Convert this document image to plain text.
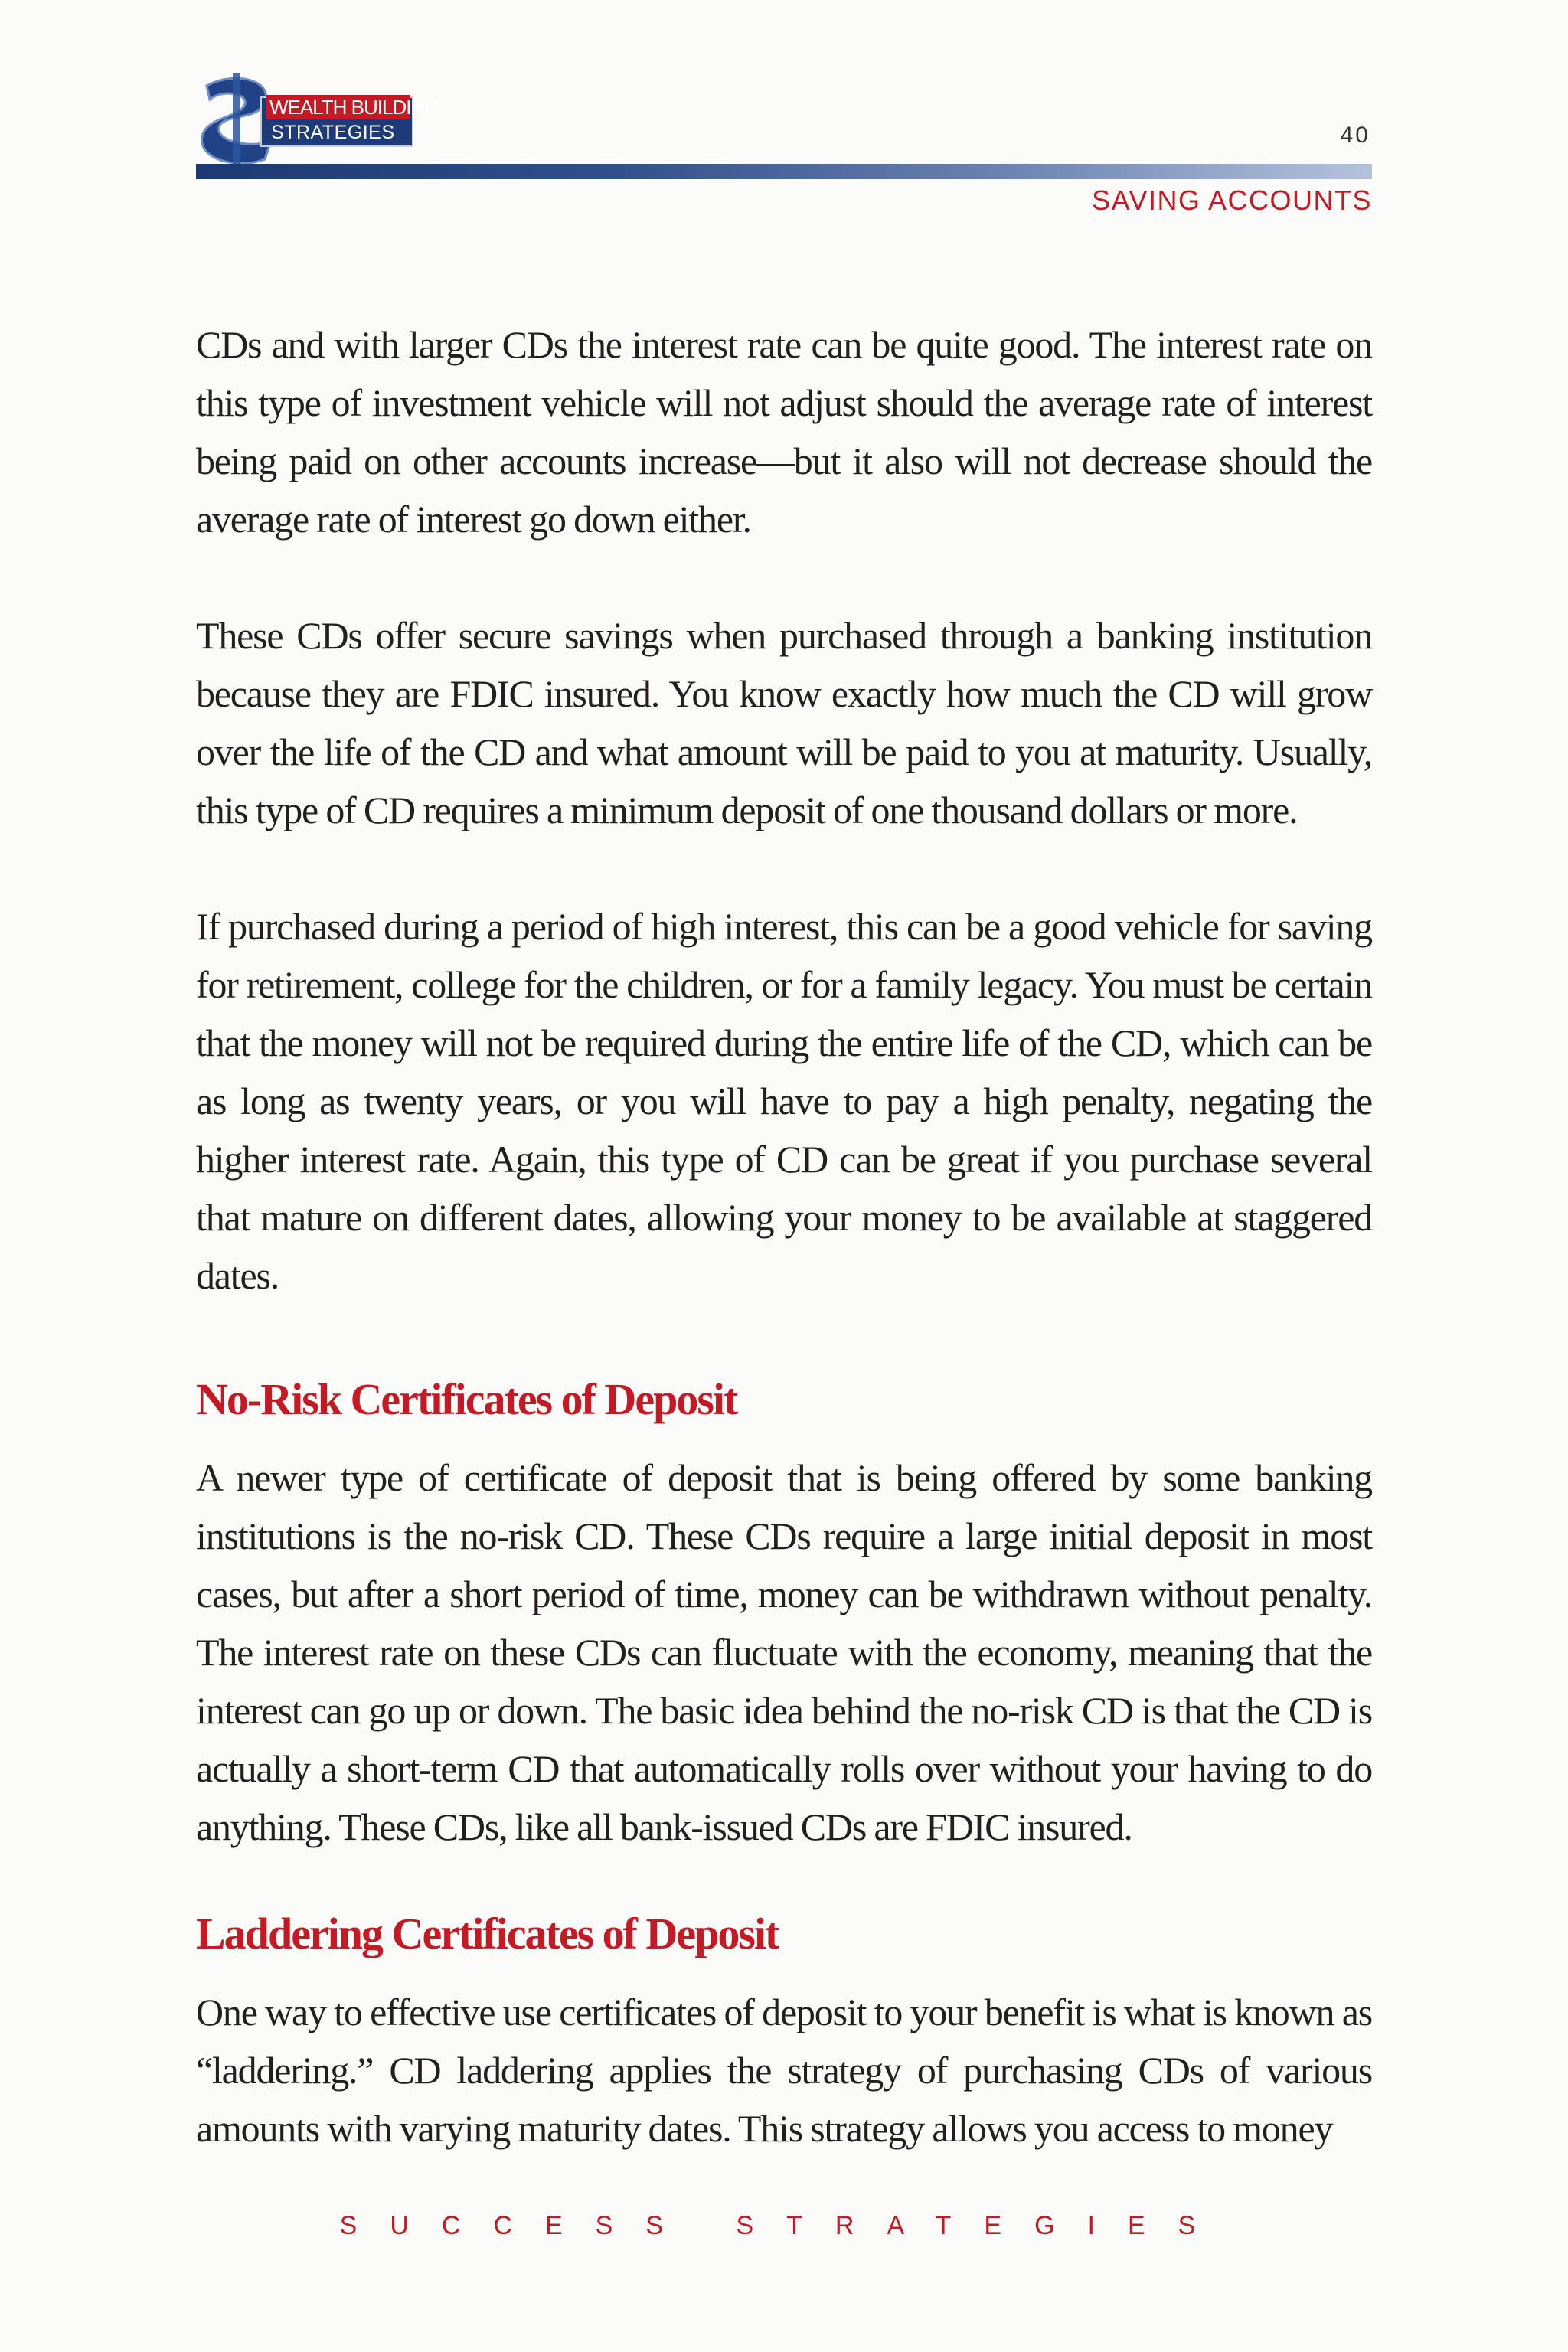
WEALTH BUILDING
STRATEGIES	40
SAVING ACCOUNTS

CDs and with larger CDs the interest rate can be quite good. The interest rate on this type of investment vehicle will not adjust should the average rate of interest being paid on other accounts increase—but it also will not decrease should the average rate of interest go down either.

These CDs offer secure savings when purchased through a banking institution because they are FDIC insured. You know exactly how much the CD will grow over the life of the CD and what amount will be paid to you at maturity. Usually, this type of CD requires a minimum deposit of one thousand dollars or more.

If purchased during a period of high interest, this can be a good vehicle for saving for retirement, college for the children, or for a family legacy. You must be certain that the money will not be required during the entire life of the CD, which can be as long as twenty years, or you will have to pay a high penalty, negating the higher interest rate. Again, this type of CD can be great if you purchase several that mature on different dates, allowing your money to be available at staggered dates.

No-Risk Certificates of Deposit

A newer type of certificate of deposit that is being offered by some banking institutions is the no-risk CD. These CDs require a large initial deposit in most cases, but after a short period of time, money can be withdrawn without penalty. The interest rate on these CDs can fluctuate with the economy, meaning that the interest can go up or down. The basic idea behind the no-risk CD is that the CD is actually a short-term CD that automatically rolls over without your having to do anything. These CDs, like all bank-issued CDs are FDIC insured.

Laddering Certificates of Deposit

One way to effective use certificates of deposit to your benefit is what is known as “laddering.” CD laddering applies the strategy of purchasing CDs of various amounts with varying maturity dates. This strategy allows you access to money

SUCCESS STRATEGIES
